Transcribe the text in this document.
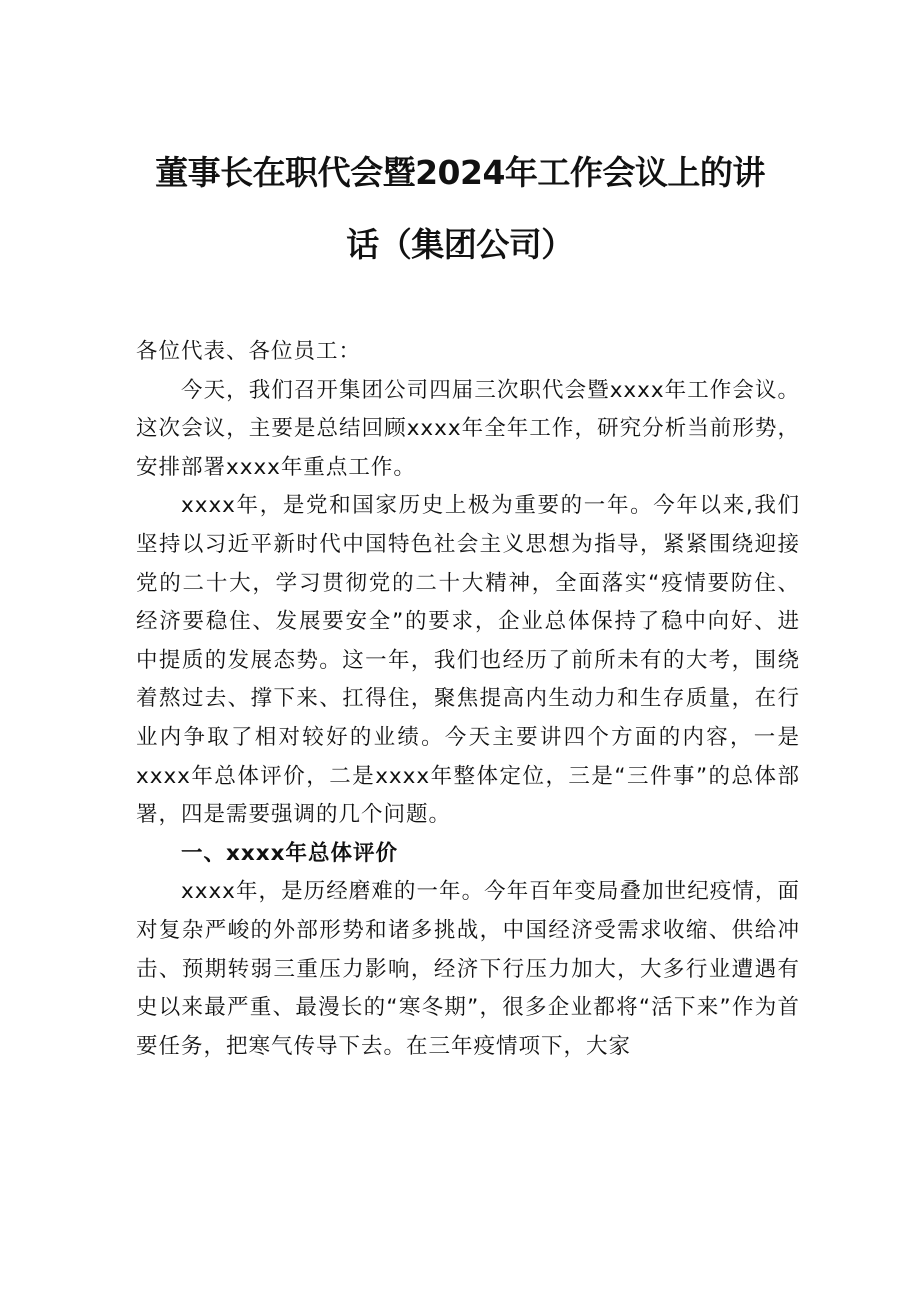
董事长在职代会暨2024年工作会议上的讲
话（集团公司）

各位代表、各位员工：

今天，我们召开集团公司四届三次职代会暨xxxx年工作会议。这次会议，主要是总结回顾xxxx年全年工作，研究分析当前形势，安排部署xxxx年重点工作。

xxxx年，是党和国家历史上极为重要的一年。今年以来,我们坚持以习近平新时代中国特色社会主义思想为指导，紧紧围绕迎接党的二十大，学习贯彻党的二十大精神，全面落实“疫情要防住、经济要稳住、发展要安全”的要求，企业总体保持了稳中向好、进中提质的发展态势。这一年，我们也经历了前所未有的大考，围绕着熬过去、撑下来、扛得住，聚焦提高内生动力和生存质量，在行业内争取了相对较好的业绩。今天主要讲四个方面的内容，一是xxxx年总体评价，二是xxxx年整体定位，三是“三件事”的总体部署，四是需要强调的几个问题。

一、xxxx年总体评价

xxxx年，是历经磨难的一年。今年百年变局叠加世纪疫情，面对复杂严峻的外部形势和诸多挑战，中国经济受需求收缩、供给冲击、预期转弱三重压力影响，经济下行压力加大，大多行业遭遇有史以来最严重、最漫长的“寒冬期”，很多企业都将“活下来”作为首要任务，把寒气传导下去。在三年疫情项下，大家
